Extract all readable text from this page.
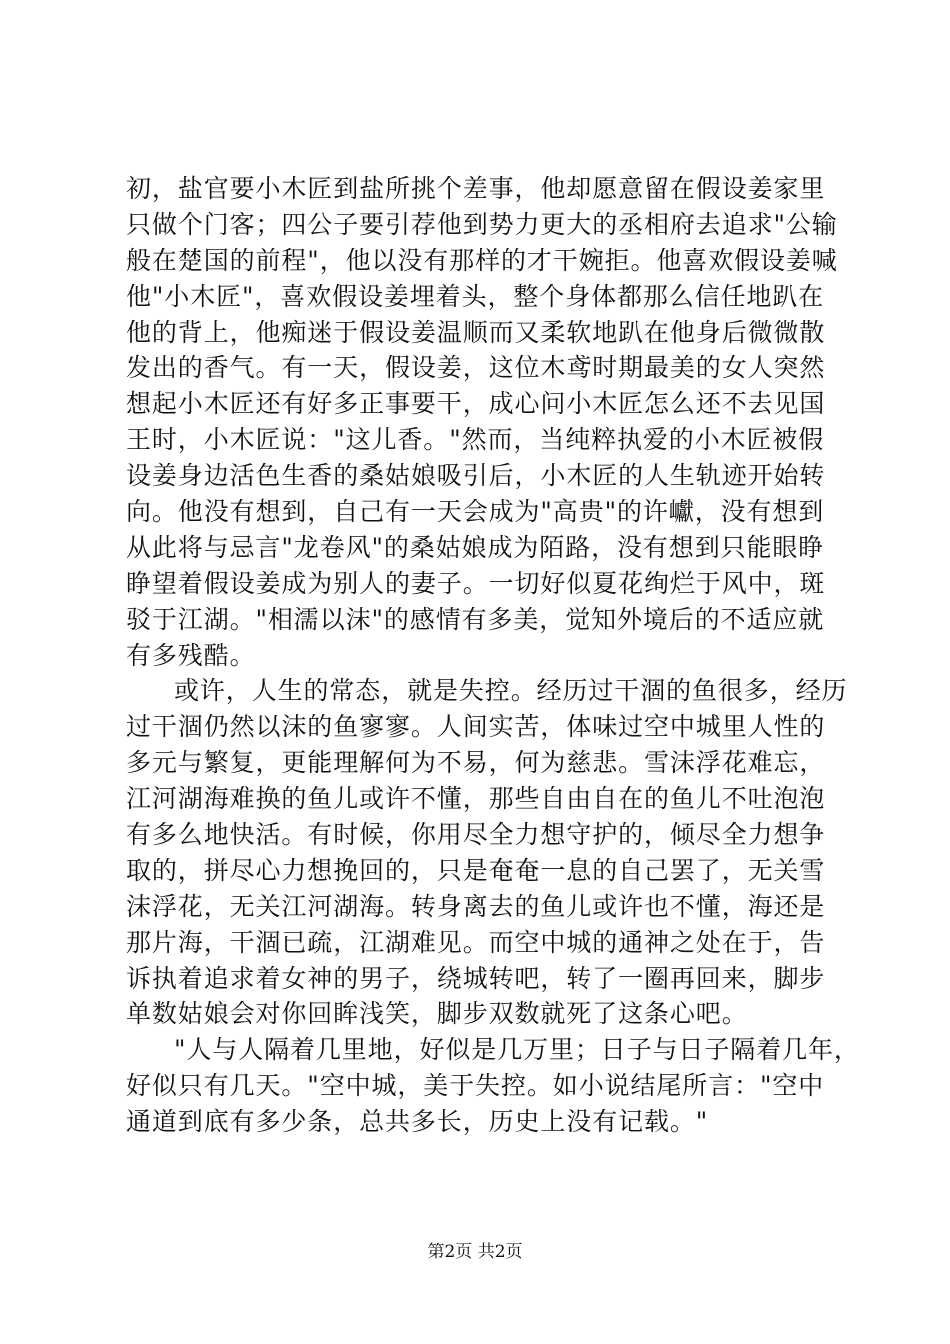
初，盐官要小木匠到盐所挑个差事，他却愿意留在假设姜家里
只做个门客；四公子要引荐他到势力更大的丞相府去追求"公输
般在楚国的前程"，他以没有那样的才干婉拒。他喜欢假设姜喊
他"小木匠"，喜欢假设姜埋着头，整个身体都那么信任地趴在
他的背上，他痴迷于假设姜温顺而又柔软地趴在他身后微微散
发出的香气。有一天，假设姜，这位木鸢时期最美的女人突然
想起小木匠还有好多正事要干，成心问小木匠怎么还不去见国
王时，小木匠说："这儿香。"然而，当纯粹执爱的小木匠被假
设姜身边活色生香的桑姑娘吸引后，小木匠的人生轨迹开始转
向。他没有想到，自己有一天会成为"高贵"的许巘，没有想到
从此将与忌言"龙卷风"的桑姑娘成为陌路，没有想到只能眼睁
睁望着假设姜成为别人的妻子。一切好似夏花绚烂于风中，斑
驳于江湖。"相濡以沫"的感情有多美，觉知外境后的不适应就
有多残酷。
或许，人生的常态，就是失控。经历过干涸的鱼很多，经历
过干涸仍然以沫的鱼寥寥。人间实苦，体味过空中城里人性的
多元与繁复，更能理解何为不易，何为慈悲。雪沫浮花难忘，
江河湖海难换的鱼儿或许不懂，那些自由自在的鱼儿不吐泡泡
有多么地快活。有时候，你用尽全力想守护的，倾尽全力想争
取的，拼尽心力想挽回的，只是奄奄一息的自己罢了，无关雪
沫浮花，无关江河湖海。转身离去的鱼儿或许也不懂，海还是
那片海，干涸已疏，江湖难见。而空中城的通神之处在于，告
诉执着追求着女神的男子，绕城转吧，转了一圈再回来，脚步
单数姑娘会对你回眸浅笑，脚步双数就死了这条心吧。
"人与人隔着几里地，好似是几万里；日子与日子隔着几年，
好似只有几天。"空中城，美于失控。如小说结尾所言："空中
通道到底有多少条，总共多长，历史上没有记载。"
第2页 共2页
